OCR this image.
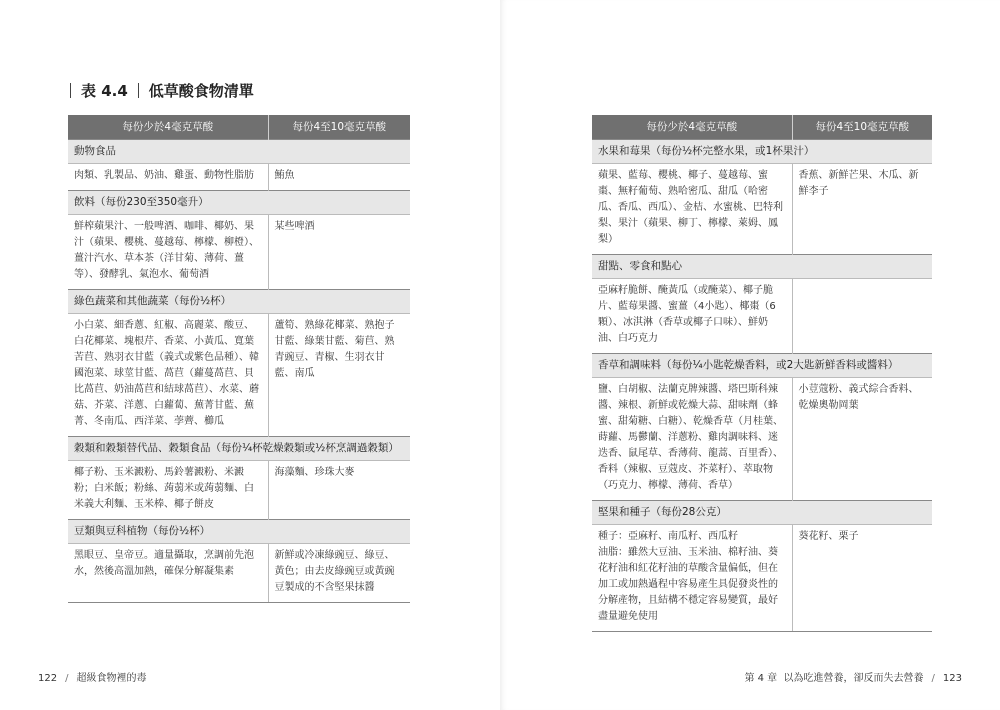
表 4.4 低草酸食物清單
每份少於4毫克草酸	每份4至10毫克草酸
動物食品	
肉類、乳製品、奶油、雞蛋、動物性脂肪	鮪魚
飲料（每份230至350毫升）	
鮮榨蘋果汁、一般啤酒、咖啡、椰奶、果汁（蘋果、櫻桃、蔓越莓、檸檬、柳橙）、薑汁汽水、草本茶（洋甘菊、薄荷、薑等）、發酵乳、氣泡水、葡萄酒	某些啤酒
綠色蔬菜和其他蔬菜（每份½杯）	
小白菜、細香蔥、紅椒、高麗菜、酸豆、白花椰菜、塊根芹、香菜、小黃瓜、寬葉苦苣、熟羽衣甘藍（義式或紫色品種）、韓國泡菜、球莖甘藍、萵苣（蘿蔓萵苣、貝比萵苣、奶油萵苣和結球萵苣）、水菜、蘑菇、芥菜、洋蔥、白蘿蔔、蕪菁甘藍、蕪菁、冬南瓜、西洋菜、荸薺、櫛瓜	蘆筍、熟綠花椰菜、熟抱子甘藍、綠葉甘藍、菊苣、熟青豌豆、青椒、生羽衣甘藍、南瓜
穀類和穀類替代品、穀類食品（每份¼杯乾燥穀類或½杯烹調過穀類）	
椰子粉、玉米澱粉、馬鈴薯澱粉、米澱粉；白米飯；粉絲、蒟蒻米或蒟蒻麵、白米義大利麵、玉米棒、椰子餅皮	海藻麵、珍珠大麥
豆類與豆科植物（每份½杯）	
黑眼豆、皇帝豆。適量攝取，烹調前先泡水，然後高溫加熱，確保分解凝集素	新鮮或冷凍綠豌豆、綠豆、黃色；由去皮綠豌豆或黃豌豆製成的不含堅果抹醬
122 / 超級食物裡的毒
每份少於4毫克草酸	每份4至10毫克草酸
水果和莓果（每份½杯完整水果，或1杯果汁）	
蘋果、藍莓、櫻桃、椰子、蔓越莓、蜜棗、無籽葡萄、熟哈密瓜、甜瓜（哈密瓜、香瓜、西瓜）、金桔、水蜜桃、巴特利梨、果汁（蘋果、柳丁、檸檬、萊姆、鳳梨）	香蕉、新鮮芒果、木瓜、新鮮李子
甜點、零食和點心	
亞麻籽脆餅、醃黃瓜（或醃菜）、椰子脆片、藍莓果醬、蜜薑（4小匙）、椰棗（6顆）、冰淇淋（香草或椰子口味）、鮮奶油、白巧克力	
香草和調味料（每份¼小匙乾燥香料，或2大匙新鮮香料或醬料）	
鹽、白胡椒、法蘭克牌辣醬、塔巴斯科辣醬、辣根、新鮮或乾燥大蒜、甜味劑（蜂蜜、甜菊糖、白糖）、乾燥香草（月桂葉、蒔蘿、馬鬱蘭、洋蔥粉、雞肉調味料、迷迭香、鼠尾草、香薄荷、龍蒿、百里香）、香料（辣椒、豆蔻皮、芥菜籽）、萃取物（巧克力、檸檬、薄荷、香草）	小荳蔻粉、義式綜合香料、乾燥奧勒岡葉
堅果和種子（每份28公克）	
種子：亞麻籽、南瓜籽、西瓜籽
油脂：雖然大豆油、玉米油、棉籽油、葵花籽油和紅花籽油的草酸含量偏低，但在加工或加熱過程中容易產生具促發炎性的分解產物，且結構不穩定容易變質，最好盡量避免使用	葵花籽、栗子
第 4 章 以為吃進營養，卻反而失去營養 / 123
